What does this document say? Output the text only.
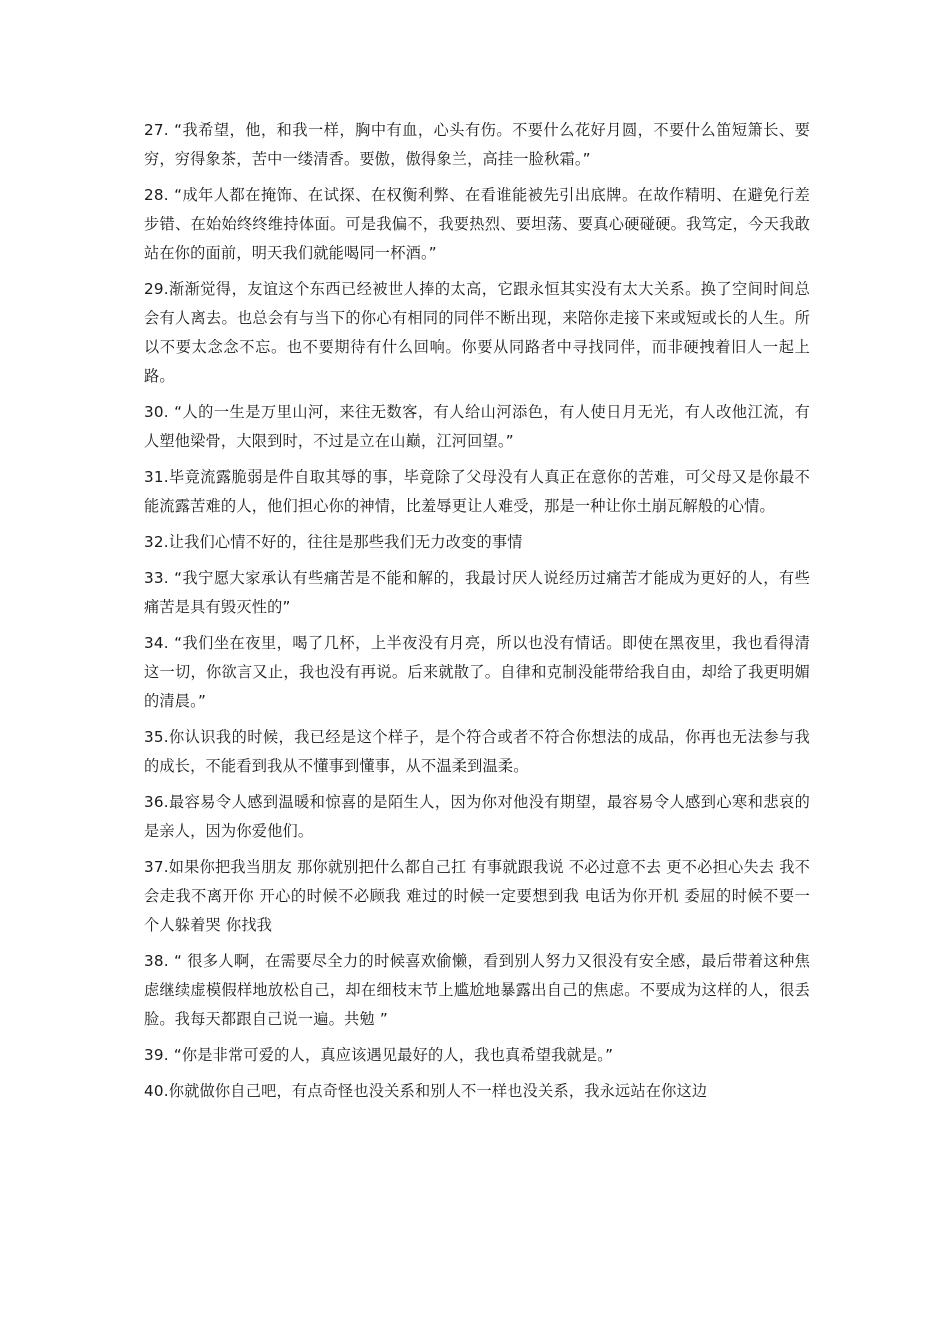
27. “我希望，他，和我一样，胸中有血，心头有伤。不要什么花好月圆，不要什么笛短箫长、要穷，穷得象茶，苦中一缕清香。要傲，傲得象兰，高挂一脸秋霜。”

28. “成年人都在掩饰、在试探、在权衡利弊、在看谁能被先引出底牌。在故作精明、在避免行差步错、在始始终终维持体面。可是我偏不，我要热烈、要坦荡、要真心硬碰硬。我笃定，今天我敢站在你的面前，明天我们就能喝同一杯酒。”

29.渐渐觉得，友谊这个东西已经被世人捧的太高，它跟永恒其实没有太大关系。换了空间时间总会有人离去。也总会有与当下的你心有相同的同伴不断出现，来陪你走接下来或短或长的人生。所以不要太念念不忘。也不要期待有什么回响。你要从同路者中寻找同伴，而非硬拽着旧人一起上路。

30. “人的一生是万里山河，来往无数客，有人给山河添色，有人使日月无光，有人改他江流，有人塑他梁骨，大限到时，不过是立在山巅，江河回望。”

31.毕竟流露脆弱是件自取其辱的事，毕竟除了父母没有人真正在意你的苦难，可父母又是你最不能流露苦难的人，他们担心你的神情，比羞辱更让人难受，那是一种让你土崩瓦解般的心情。

32.让我们心情不好的，往往是那些我们无力改变的事情

33. “我宁愿大家承认有些痛苦是不能和解的，我最讨厌人说经历过痛苦才能成为更好的人，有些痛苦是具有毁灭性的”

34. “我们坐在夜里，喝了几杯，上半夜没有月亮，所以也没有情话。即使在黑夜里，我也看得清这一切，你欲言又止，我也没有再说。后来就散了。自律和克制没能带给我自由，却给了我更明媚的清晨。”

35.你认识我的时候，我已经是这个样子，是个符合或者不符合你想法的成品，你再也无法参与我的成长，不能看到我从不懂事到懂事，从不温柔到温柔。

36.最容易令人感到温暖和惊喜的是陌生人，因为你对他没有期望，最容易令人感到心寒和悲哀的是亲人，因为你爱他们。

37.如果你把我当朋友 那你就别把什么都自己扛 有事就跟我说 不必过意不去 更不必担心失去 我不会走我不离开你 开心的时候不必顾我 难过的时候一定要想到我 电话为你开机 委屈的时候不要一个人躲着哭 你找我

38. “ 很多人啊，在需要尽全力的时候喜欢偷懒，看到别人努力又很没有安全感，最后带着这种焦虑继续虚模假样地放松自己，却在细枝末节上尴尬地暴露出自己的焦虑。不要成为这样的人，很丢脸。我每天都跟自己说一遍。共勉 ”

39. “你是非常可爱的人，真应该遇见最好的人，我也真希望我就是。”

40.你就做你自己吧，有点奇怪也没关系和别人不一样也没关系，我永远站在你这边
